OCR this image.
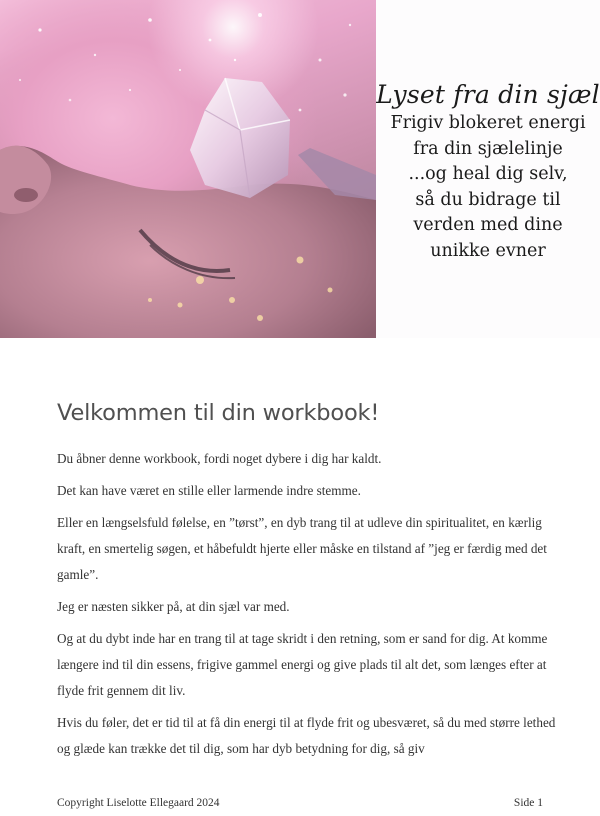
Lyset fra din sjæl
Frigiv blokeret energi
fra din sjælelinje
...og heal dig selv,
så du bidrage til
verden med dine
unikke evner
Velkommen til din workbook!

Du åbner denne workbook, fordi noget dybere i dig har kaldt.

Det kan have været en stille eller larmende indre stemme.

Eller en længselsfuld følelse, en ”tørst”, en dyb trang til at udleve din spiritualitet, en kærlig kraft, en smertelig søgen, et håbefuldt hjerte eller måske en tilstand af ”jeg er færdig med det gamle”.

Jeg er næsten sikker på, at din sjæl var med.

Og at du dybt inde har en trang til at tage skridt i den retning, som er sand for dig. At komme længere ind til din essens, frigive gammel energi og give plads til alt det, som længes efter at flyde frit gennem dit liv.

Hvis du føler, det er tid til at få din energi til at flyde frit og ubesværet, så du med større lethed og glæde kan trække det til dig, som har dyb betydning for dig, så giv

Copyright Liselotte Ellegaard 2024	Side 1
